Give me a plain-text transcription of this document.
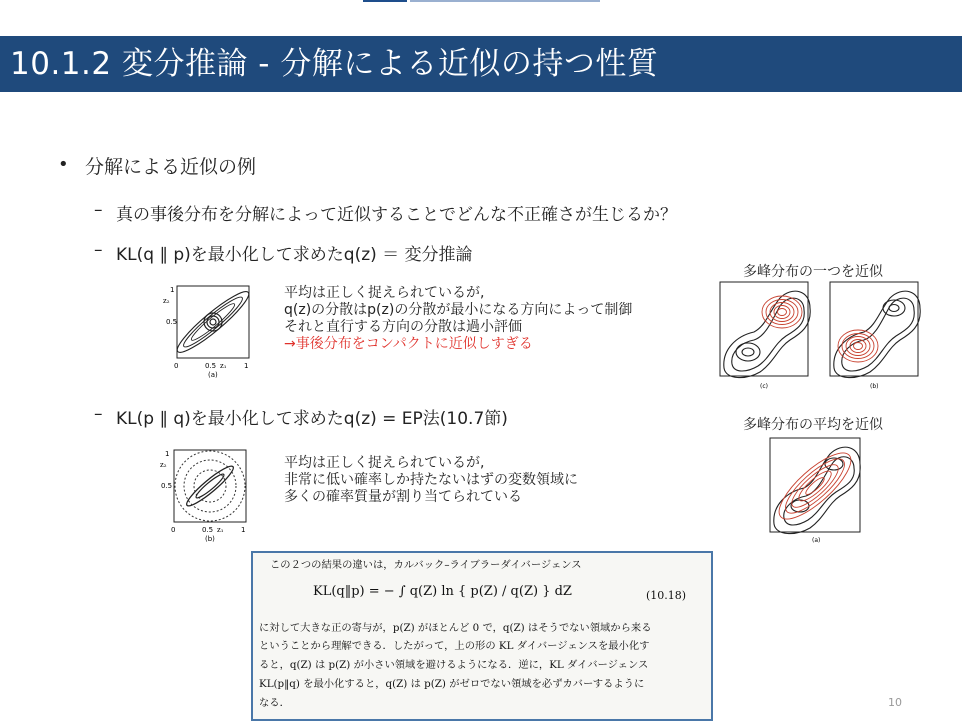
10.1.2 変分推論 - 分解による近似の持つ性質
• 分解による近似の例
– 真の事後分布を分解によって近似することでどんな不正確さが生じるか？
– KL(q ∥ p)を最小化して求めたq(z) ＝ 変分推論
– KL(p ∥ q)を最小化して求めたq(z) = EP法(10.7節)
z₂
0.5
1
0	0.5 z₁	1
(a)
平均は正しく捉えられているが,
q(z)の分散はp(z)の分散が最小になる方向によって制御
それと直行する方向の分散は過小評価
→事後分布をコンパクトに近似しすぎる
z₂
0.5
1
0	0.5 z₁	1
(b)
平均は正しく捉えられているが,
非常に低い確率しか持たないはずの変数領域に
多くの確率質量が割り当てられている
多峰分布の一つを近似
多峰分布の平均を近似
(c)	(b)
(a)
この２つの結果の違いは，カルバック–ライブラーダイバージェンス
KL(q‖p) = − ∫ q(Z) ln { p(Z) / q(Z) } dZ	(10.18)
に対して大きな正の寄与が，p(Z) がほとんど 0 で，q(Z) はそうでない領域から来る
ということから理解できる．したがって，上の形の KL ダイバージェンスを最小化す
ると，q(Z) は p(Z) が小さい領域を避けるようになる．逆に，KL ダイバージェンス
KL(p‖q) を最小化すると，q(Z) は p(Z) がゼロでない領域を必ずカバーするように
なる．	10
